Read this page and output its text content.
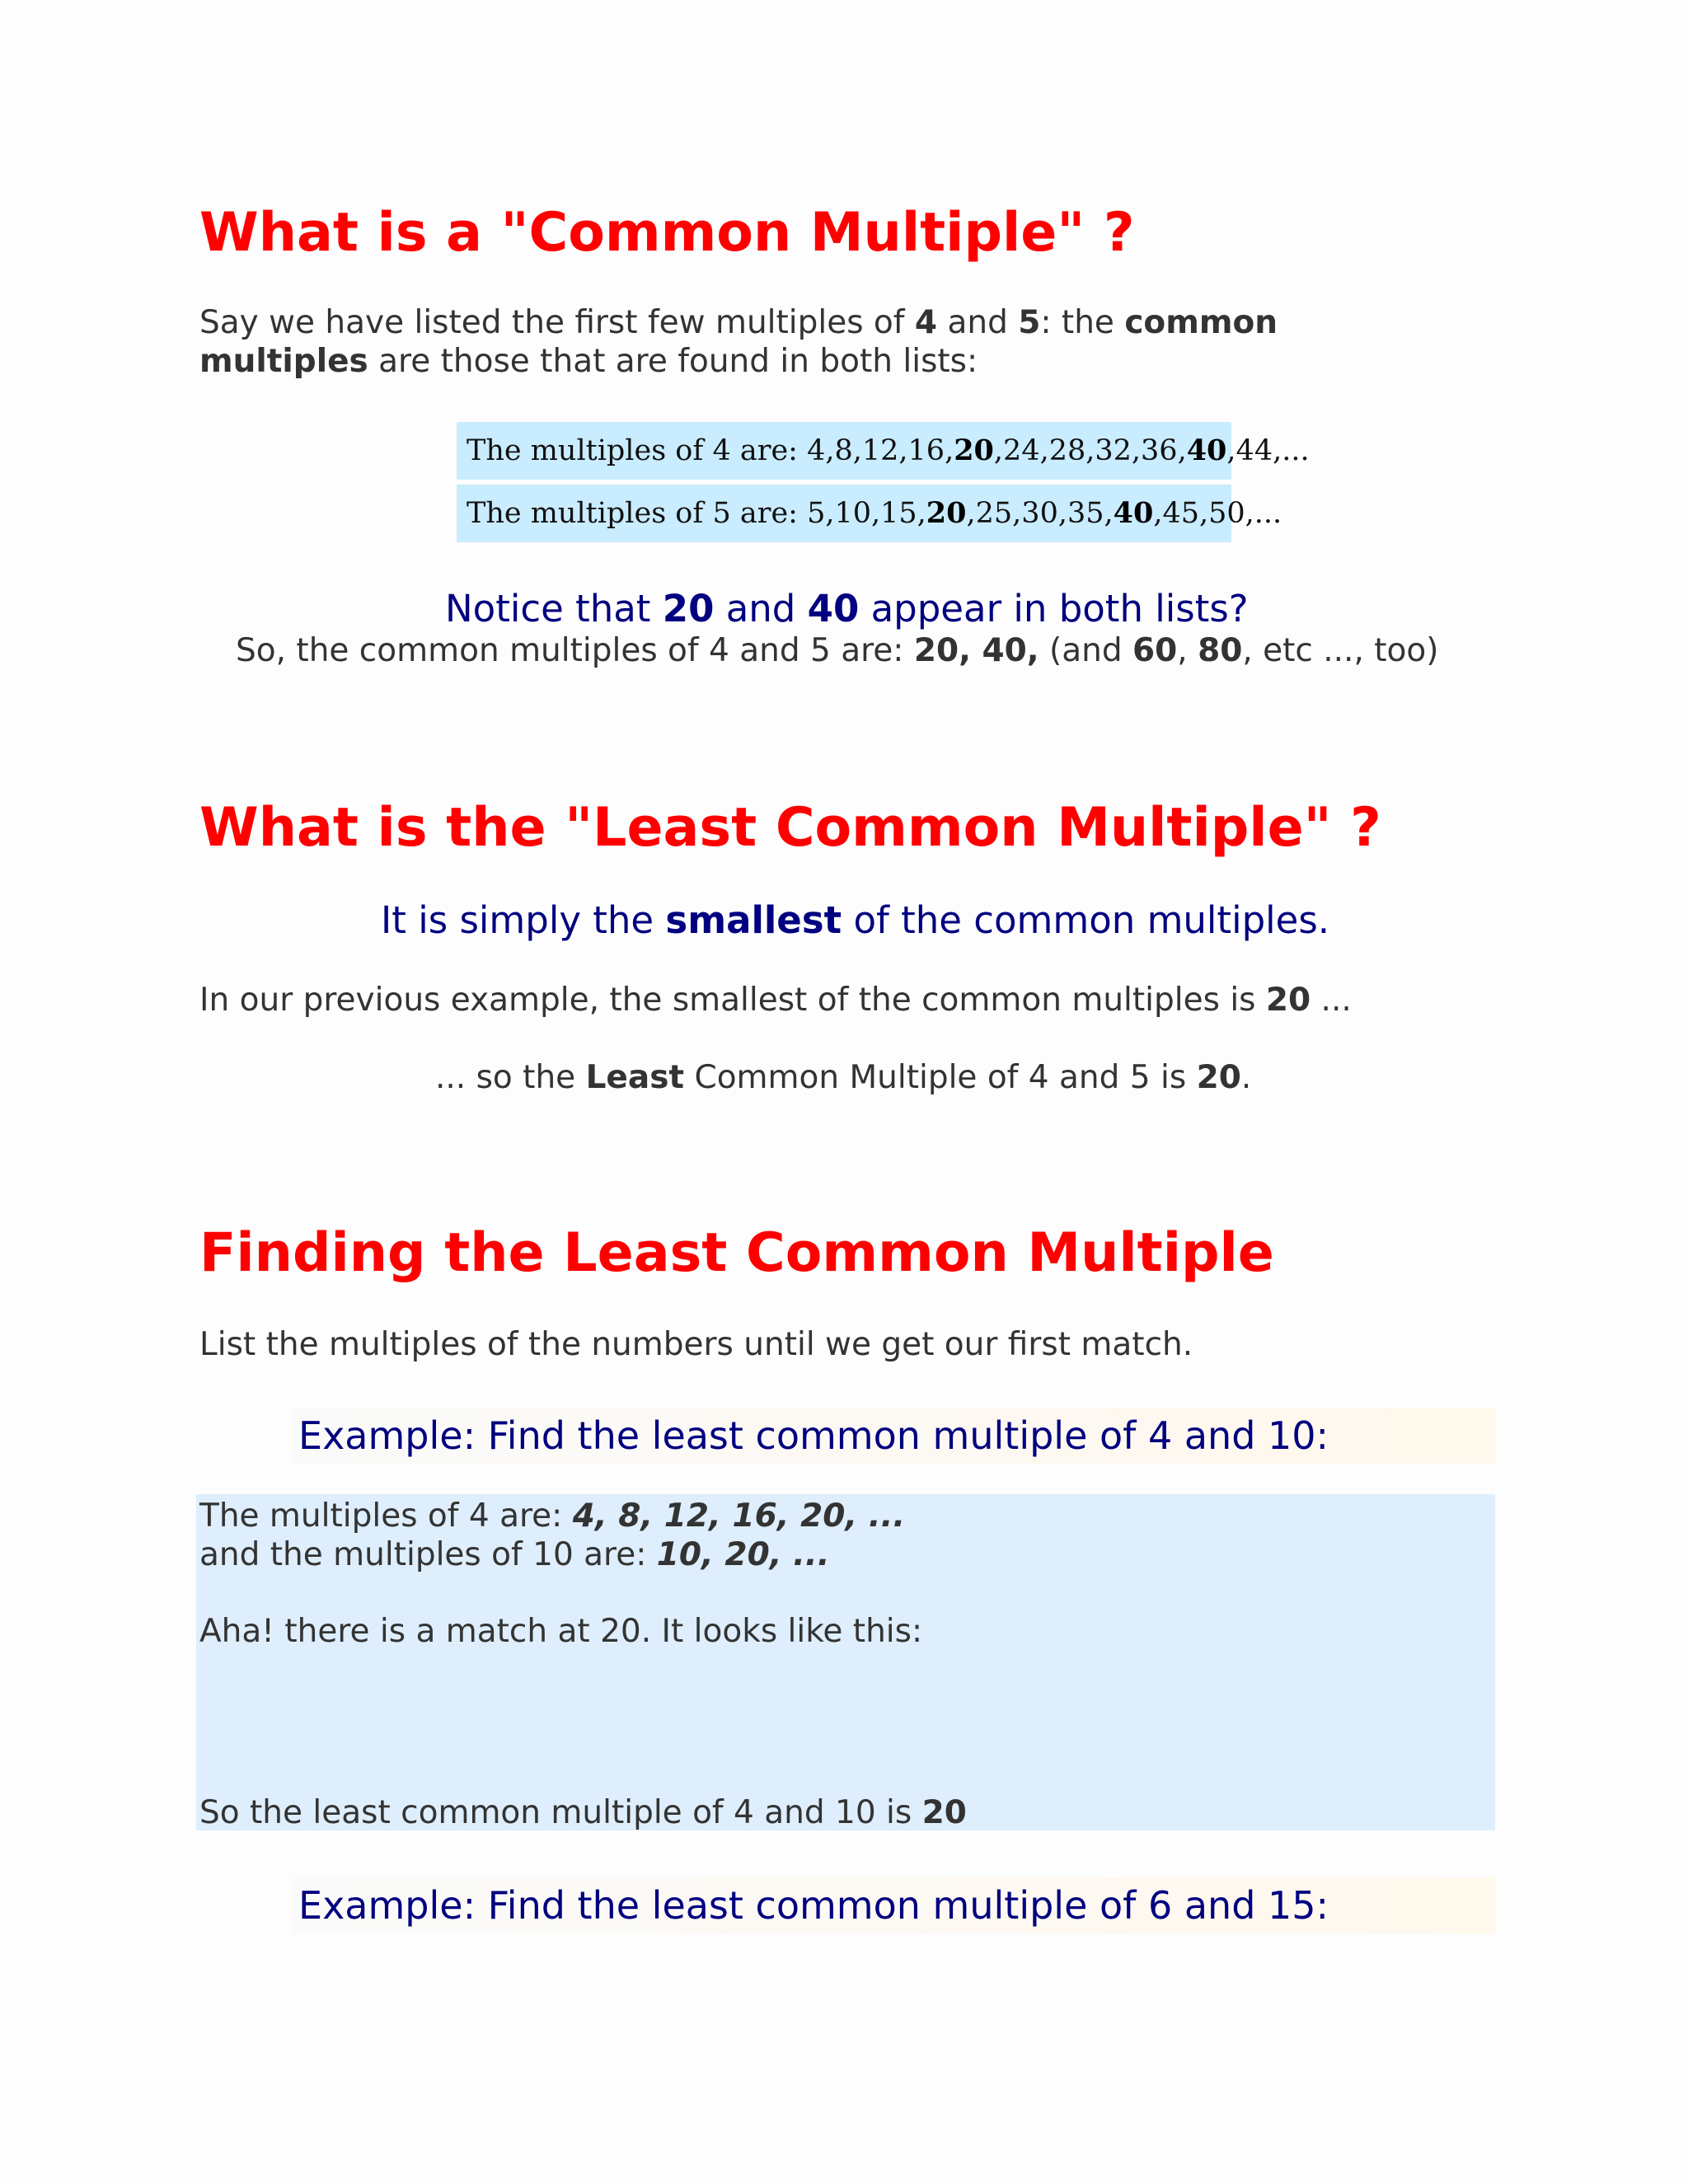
What is a "Common Multiple" ?
Say we have listed the first few multiples of 4 and 5: the common
multiples are those that are found in both lists:
The multiples of 4 are: 4,8,12,16,20,24,28,32,36,40,44,...
The multiples of 5 are: 5,10,15,20,25,30,35,40,45,50,...
Notice that 20 and 40 appear in both lists?
So, the common multiples of 4 and 5 are: 20, 40, (and 60, 80, etc ..., too)
What is the "Least Common Multiple" ?
It is simply the smallest of the common multiples.
In our previous example, the smallest of the common multiples is 20 ...
... so the Least Common Multiple of 4 and 5 is 20.
Finding the Least Common Multiple
List the multiples of the numbers until we get our first match.
Example: Find the least common multiple of 4 and 10:
The multiples of 4 are: 4, 8, 12, 16, 20, ...
and the multiples of 10 are: 10, 20, ...
Aha! there is a match at 20. It looks like this:
So the least common multiple of 4 and 10 is 20
Example: Find the least common multiple of 6 and 15:
